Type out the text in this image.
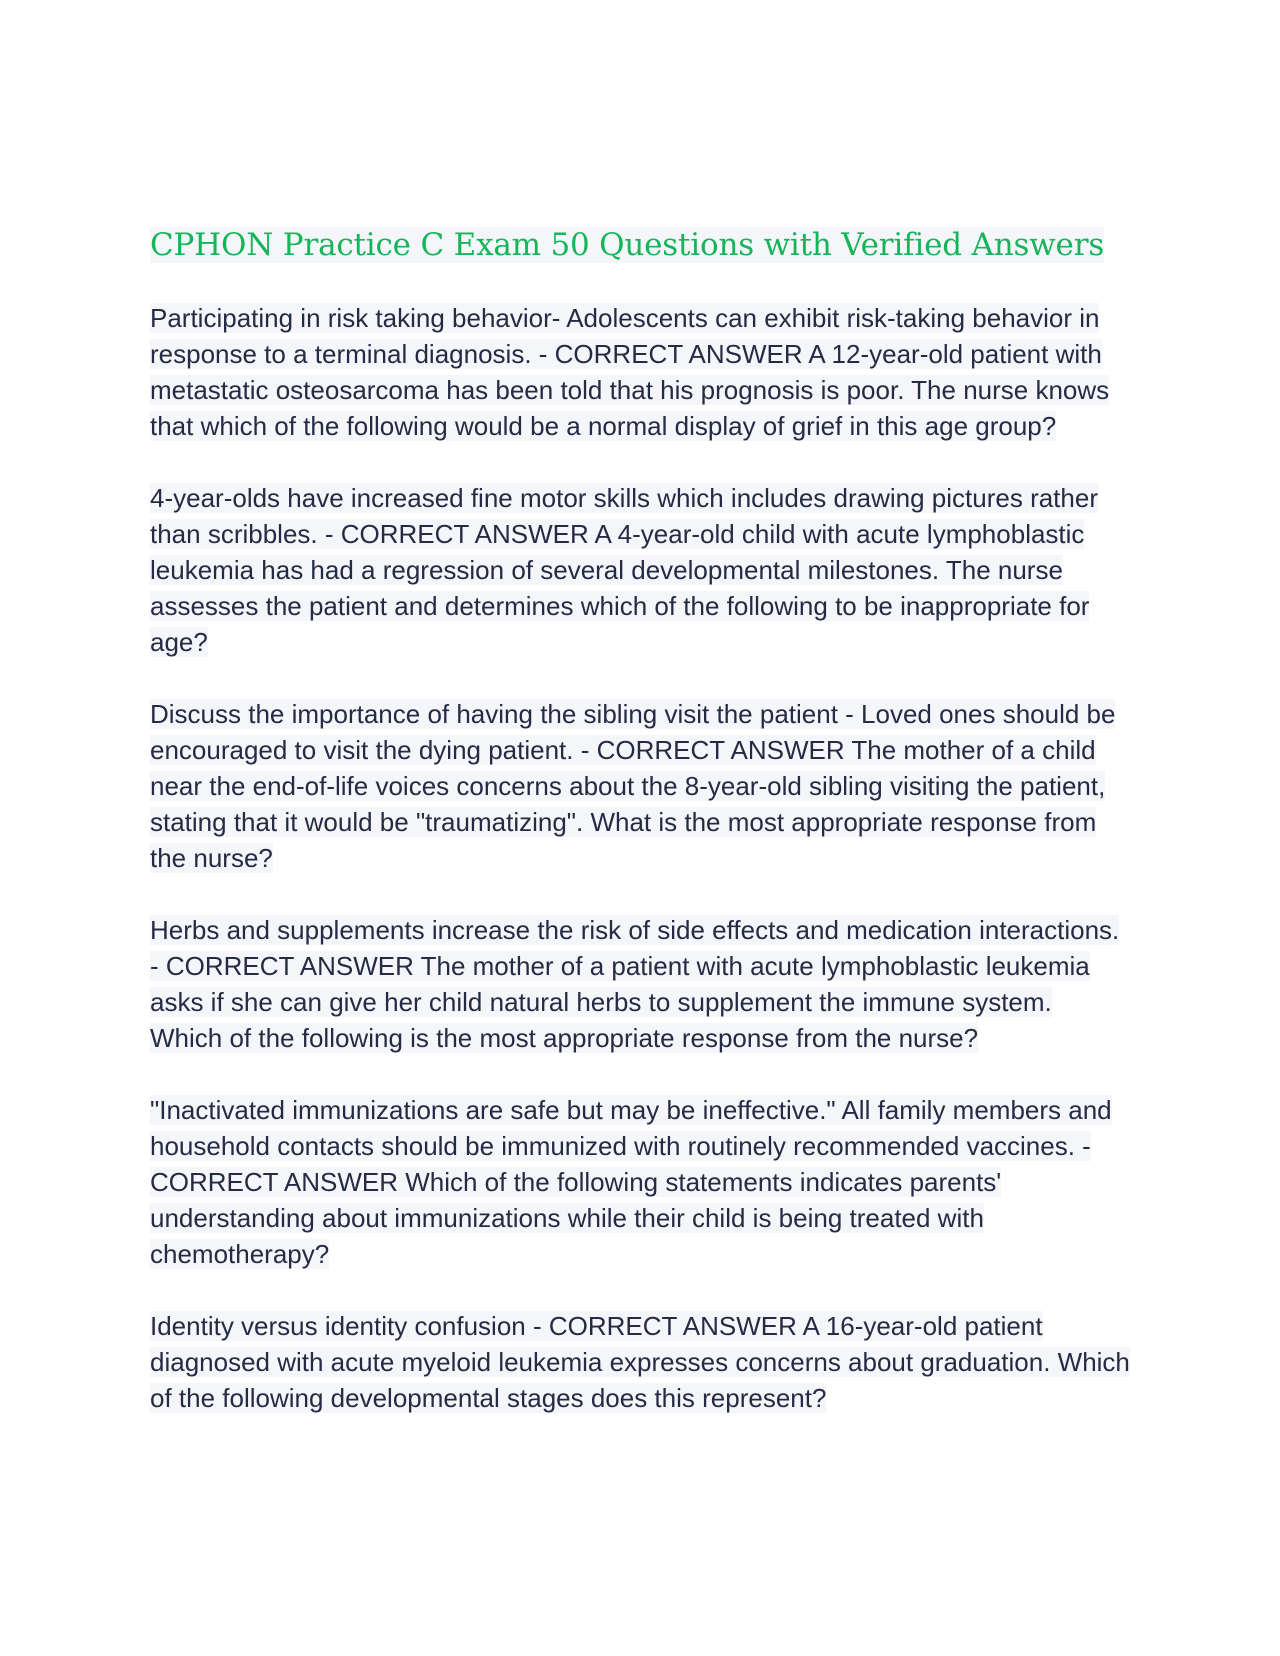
CPHON Practice C Exam 50 Questions with Verified Answers

Participating in risk taking behavior- Adolescents can exhibit risk-taking behavior in response to a terminal diagnosis. - CORRECT ANSWER A 12-year-old patient with metastatic osteosarcoma has been told that his prognosis is poor. The nurse knows that which of the following would be a normal display of grief in this age group?

4-year-olds have increased fine motor skills which includes drawing pictures rather than scribbles. - CORRECT ANSWER A 4-year-old child with acute lymphoblastic leukemia has had a regression of several developmental milestones. The nurse assesses the patient and determines which of the following to be inappropriate for age?

Discuss the importance of having the sibling visit the patient - Loved ones should be encouraged to visit the dying patient. - CORRECT ANSWER The mother of a child near the end-of-life voices concerns about the 8-year-old sibling visiting the patient, stating that it would be "traumatizing". What is the most appropriate response from the nurse?

Herbs and supplements increase the risk of side effects and medication interactions. - CORRECT ANSWER The mother of a patient with acute lymphoblastic leukemia asks if she can give her child natural herbs to supplement the immune system. Which of the following is the most appropriate response from the nurse?

"Inactivated immunizations are safe but may be ineffective." All family members and household contacts should be immunized with routinely recommended vaccines. - CORRECT ANSWER Which of the following statements indicates parents' understanding about immunizations while their child is being treated with chemotherapy?

Identity versus identity confusion - CORRECT ANSWER A 16-year-old patient diagnosed with acute myeloid leukemia expresses concerns about graduation. Which of the following developmental stages does this represent?
